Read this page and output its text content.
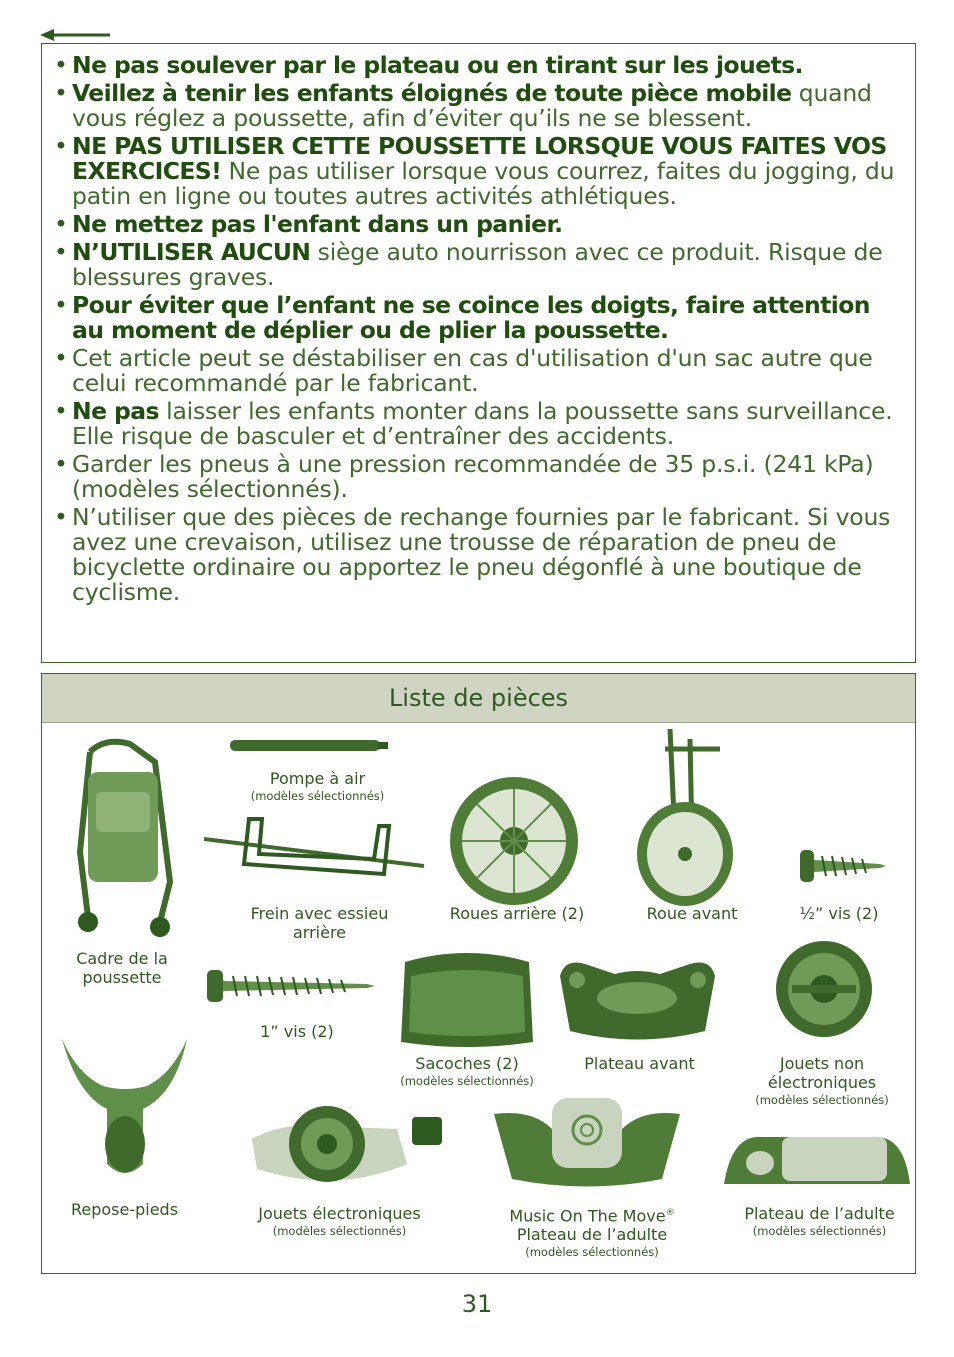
• Ne pas soulever par le plateau ou en tirant sur les jouets.
• Veillez à tenir les enfants éloignés de toute pièce mobile quand vous réglez a poussette, afin d’éviter qu’ils ne se blessent.
• NE PAS UTILISER CETTE POUSSETTE LORSQUE VOUS FAITES VOS EXERCICES! Ne pas utiliser lorsque vous courrez, faites du jogging, du patin en ligne ou toutes autres activités athlétiques.
• Ne mettez pas l'enfant dans un panier.
• N’UTILISER AUCUN siège auto nourrisson avec ce produit. Risque de blessures graves.
• Pour éviter que l’enfant ne se coince les doigts, faire attention au moment de déplier ou de plier la poussette.
• Cet article peut se déstabiliser en cas d'utilisation d'un sac autre que celui recommandé par le fabricant.
• Ne pas laisser les enfants monter dans la poussette sans surveillance. Elle risque de basculer et d’entraîner des accidents.
• Garder les pneus à une pression recommandée de 35 p.s.i. (241 kPa) (modèles sélectionnés).
• N’utiliser que des pièces de rechange fournies par le fabricant. Si vous avez une crevaison, utilisez une trousse de réparation de pneu de bicyclette ordinaire ou apportez le pneu dégonflé à une boutique de cyclisme.
Liste de pièces
Cadre de la poussette
Pompe à air
(modèles sélectionnés)
Frein avec essieu arrière
Roues arrière (2)	Roue avant	½” vis (2)
1” vis (2)
Sacoches (2)
(modèles sélectionnés)
Plateau avant	Jouets non électroniques
(modèles sélectionnés)
Repose-pieds	Jouets électroniques
(modèles sélectionnés)
Music On The Move®
Plateau de l’adulte
(modèles sélectionnés)
Plateau de l’adulte
(modèles sélectionnés)
31
